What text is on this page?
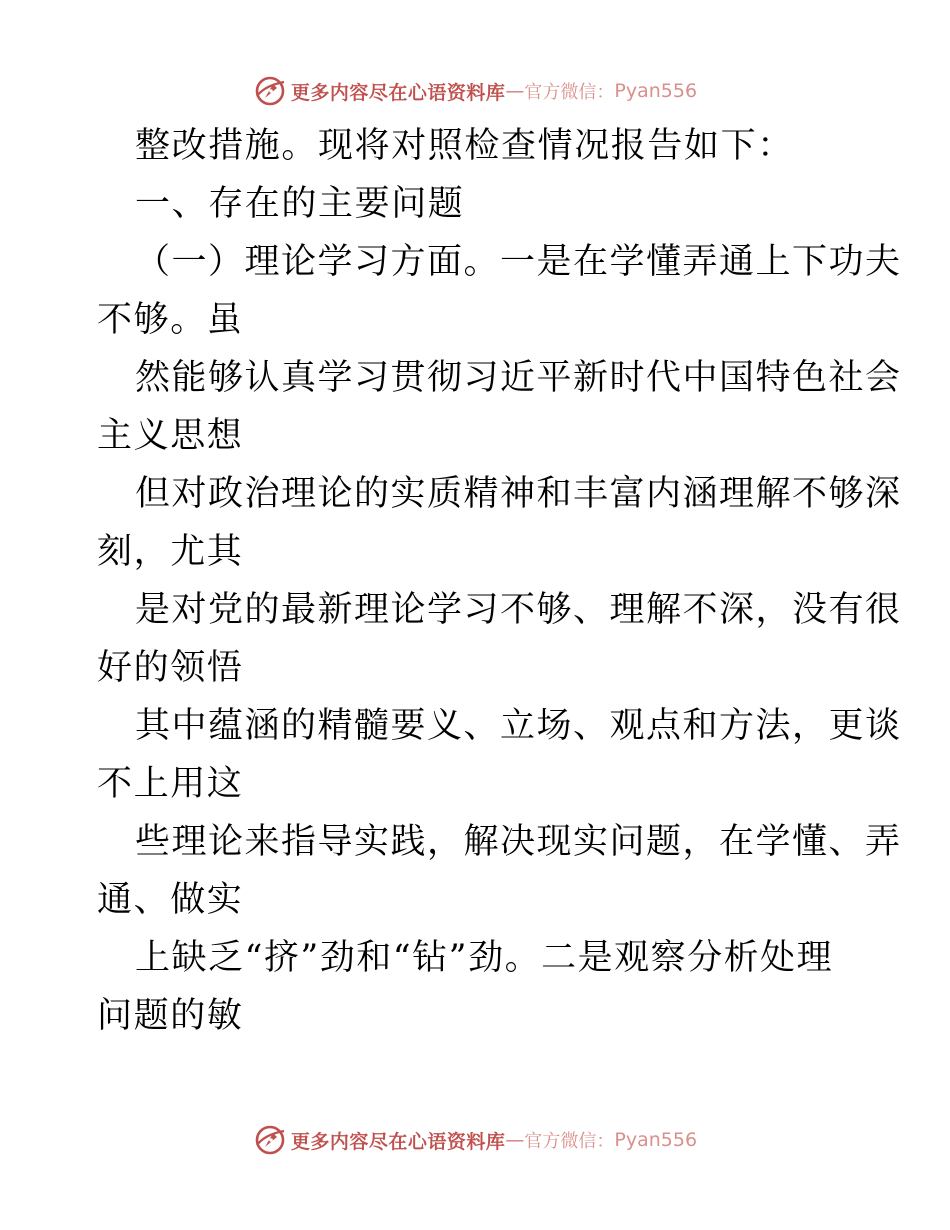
更多内容尽在心语资料库 — 官方微信： Pyan556
整改措施。现将对照检查情况报告如下：
一、存在的主要问题
（一）理论学习方面。一是在学懂弄通上下功夫
不够。虽
然能够认真学习贯彻习近平新时代中国特色社会
主义思想
但对政治理论的实质精神和丰富内涵理解不够深
刻，尤其
是对党的最新理论学习不够、理解不深，没有很
好的领悟
其中蕴涵的精髓要义、立场、观点和方法，更谈
不上用这
些理论来指导实践，解决现实问题，在学懂、弄
通、做实
上缺乏“挤”劲和“钻”劲。二是观察分析处理
问题的敏
更多内容尽在心语资料库 — 官方微信： Pyan556
